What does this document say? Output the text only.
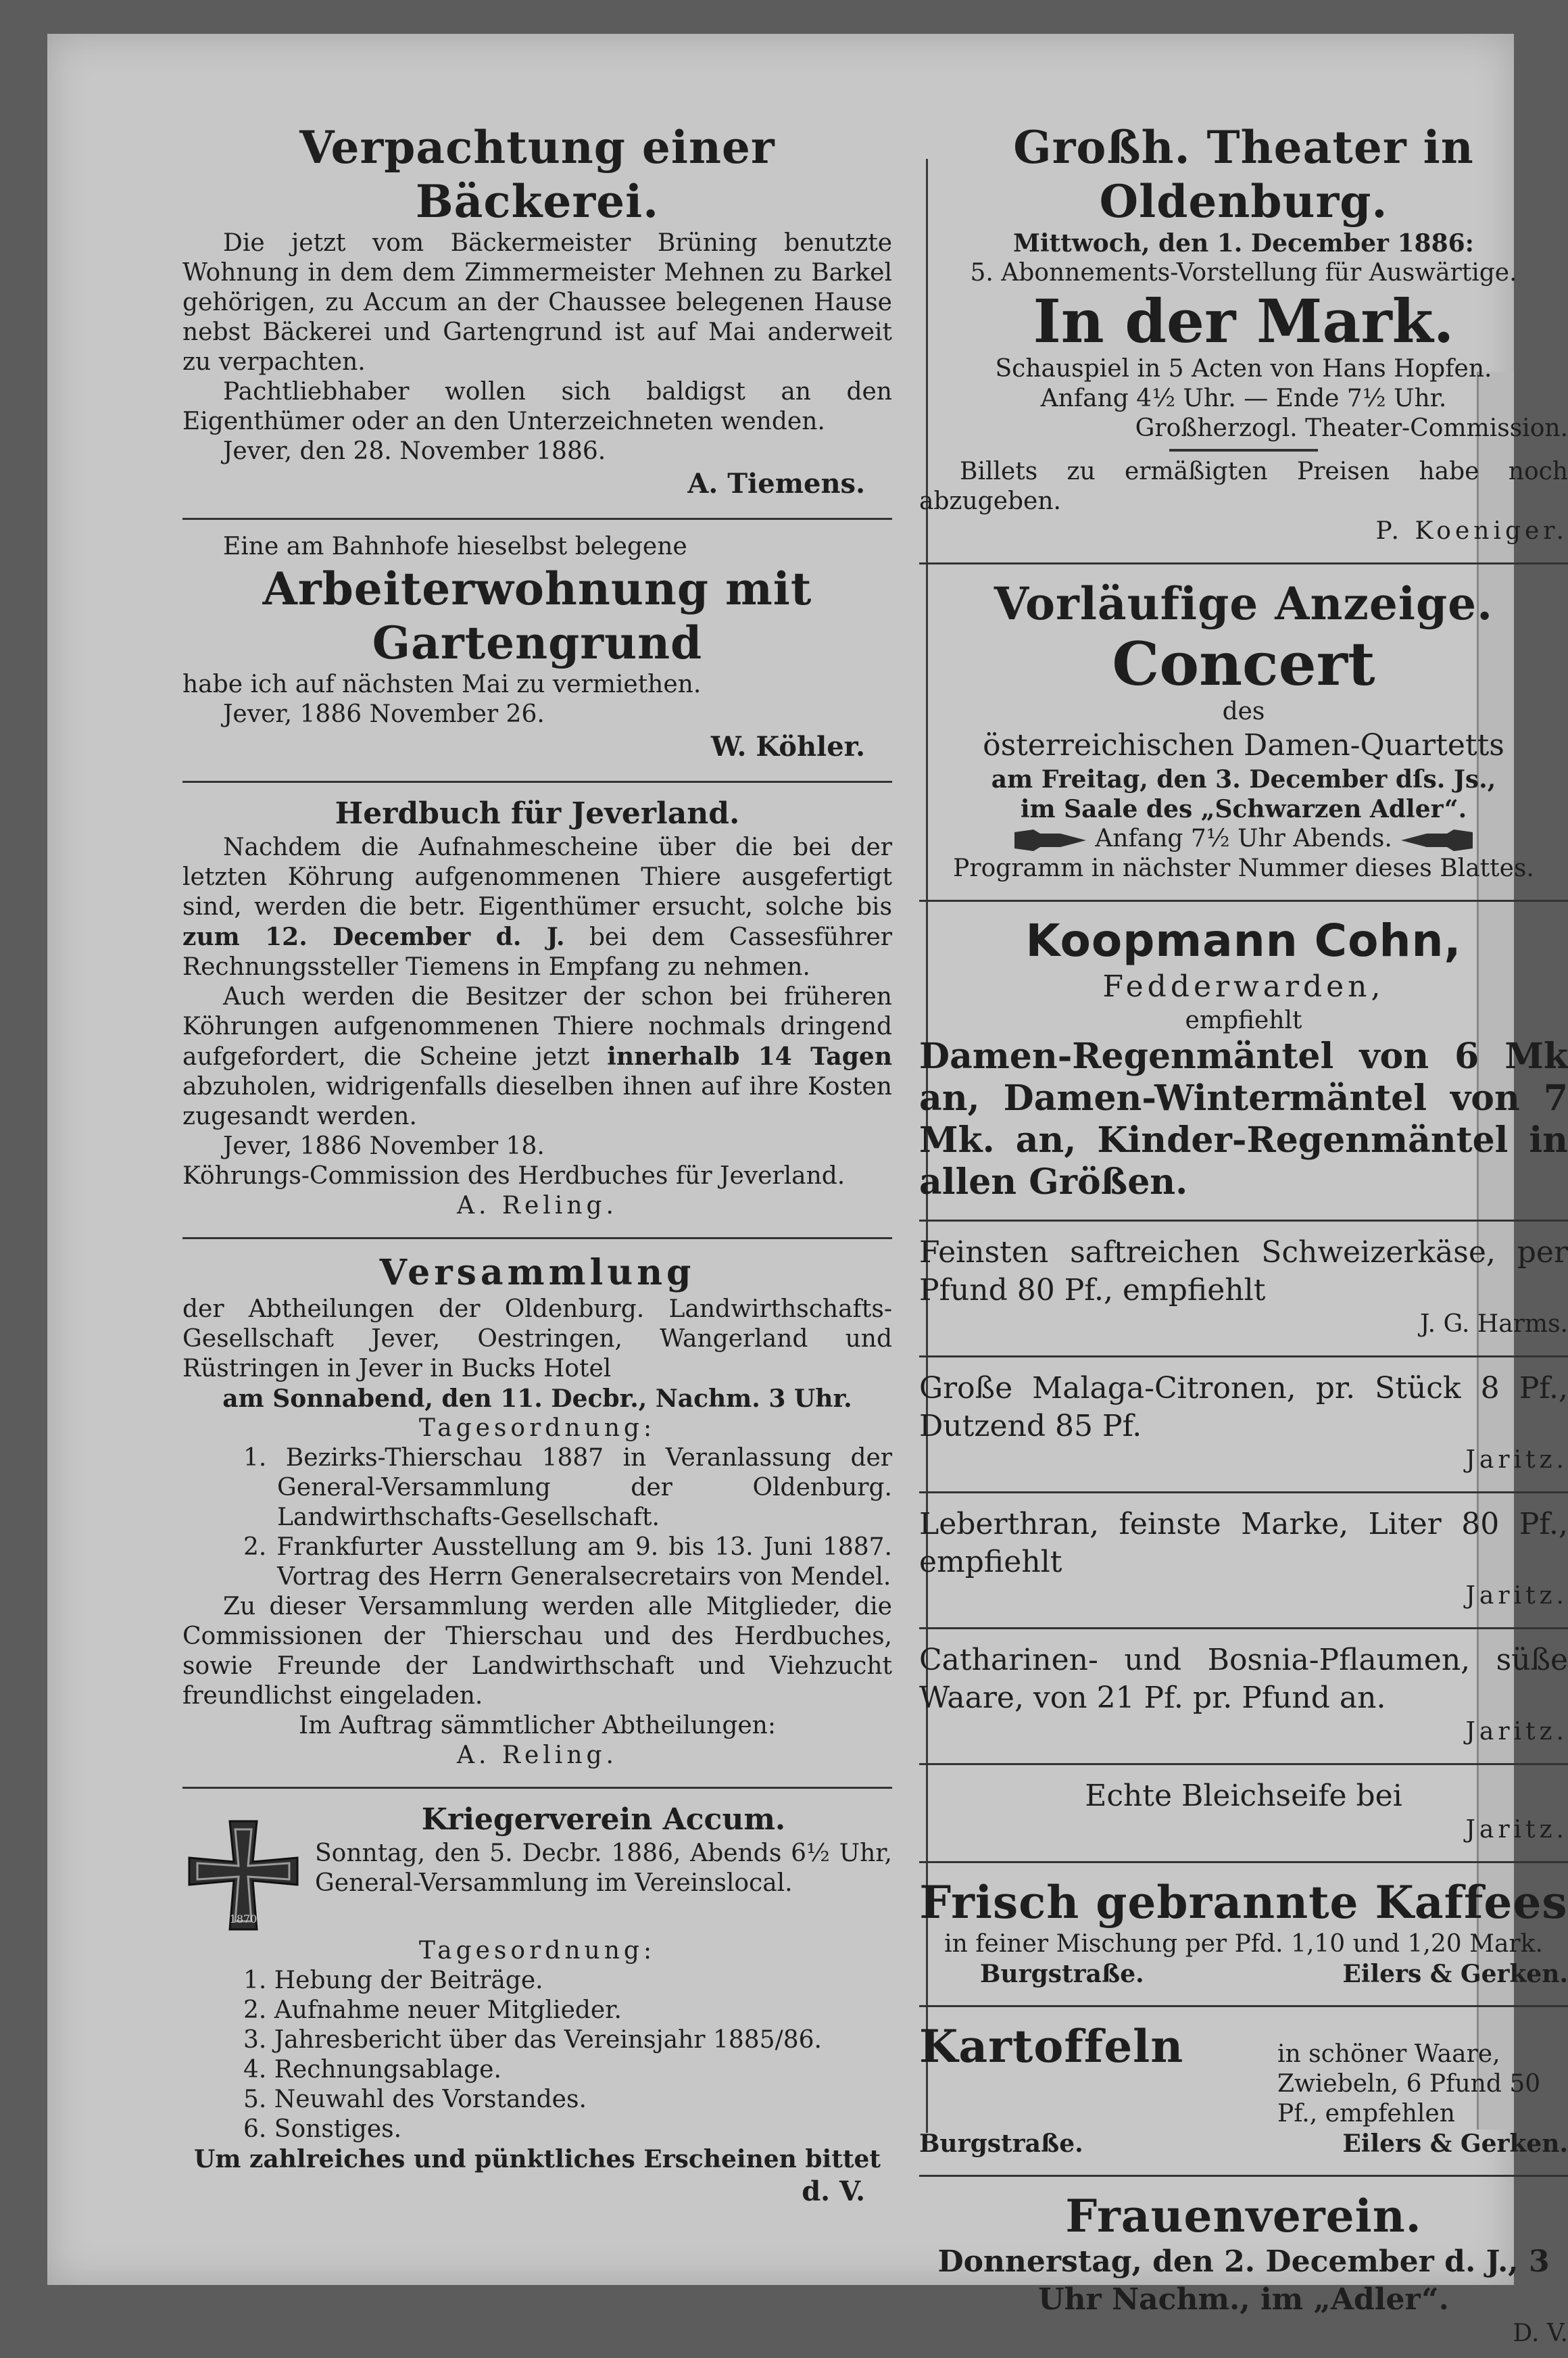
Verpachtung einer Bäckerei.
Die jetzt vom Bäckermeister Brüning benutzte Wohnung in dem dem Zimmermeister Mehnen zu Barkel gehörigen, zu Accum an der Chaussee belegenen Hause nebst Bäckerei und Gartengrund ist auf Mai anderweit zu verpachten.
Pachtliebhaber wollen sich baldigst an den Eigenthümer oder an den Unterzeichneten wenden.
Jever, den 28. November 1886.
A. Tiemens.
Eine am Bahnhofe hieselbst belegene
Arbeiterwohnung mit
Gartengrund
habe ich auf nächsten Mai zu vermiethen.
Jever, 1886 November 26.
W. Köhler.
Herdbuch für Jeverland.
Nachdem die Aufnahmescheine über die bei der letzten Köhrung aufgenommenen Thiere ausgefertigt sind, werden die betr. Eigenthümer ersucht, solche bis zum 12. December d. J. bei dem Cassesführer Rechnungssteller Tiemens in Empfang zu nehmen.
Auch werden die Besitzer der schon bei früheren Köhrungen aufgenommenen Thiere nochmals dringend aufgefordert, die Scheine jetzt innerhalb 14 Tagen abzuholen, widrigenfalls dieselben ihnen auf ihre Kosten zugesandt werden.
Jever, 1886 November 18.
Köhrungs-Commission des Herdbuches für Jeverland.
A. Reling.
Versammlung
der Abtheilungen der Oldenburg. Landwirthschafts-Gesellschaft Jever, Oestringen, Wangerland und Rüstringen in Jever in Bucks Hotel
am Sonnabend, den 11. Decbr., Nachm. 3 Uhr.
Tagesordnung:
1. Bezirks-Thierschau 1887 in Veranlassung der General-Versammlung der Oldenburg. Landwirthschafts-Gesellschaft.
2. Frankfurter Ausstellung am 9. bis 13. Juni 1887. Vortrag des Herrn Generalsecretairs von Mendel.
Zu dieser Versammlung werden alle Mitglieder, die Commissionen der Thierschau und des Herdbuches, sowie Freunde der Landwirthschaft und Viehzucht freundlichst eingeladen.
Im Auftrag sämmtlicher Abtheilungen:
A. Reling.
1870
Kriegerverein Accum.
Sonntag, den 5. Decbr. 1886, Abends 6½ Uhr, General-Versammlung im Vereinslocal.
Tagesordnung:
1. Hebung der Beiträge.
2. Aufnahme neuer Mitglieder.
3. Jahresbericht über das Vereinsjahr 1885/86.
4. Rechnungsablage.
5. Neuwahl des Vorstandes.
6. Sonstiges.
Um zahlreiches und pünktliches Erscheinen bittet
d. V.
Großh. Theater in Oldenburg.
Mittwoch, den 1. December 1886:
5. Abonnements-Vorstellung für Auswärtige.
In der Mark.
Schauspiel in 5 Acten von Hans Hopfen.
Anfang 4½ Uhr. — Ende 7½ Uhr.
Großherzogl. Theater-Commission.
Billets zu ermäßigten Preisen habe noch abzugeben.
P. Koeniger.
Vorläufige Anzeige.
Concert
des
österreichischen Damen-Quartetts
am Freitag, den 3. December dſs. Js.,
im Saale des „Schwarzen Adler“.
Anfang 7½ Uhr Abends.
Programm in nächster Nummer dieses Blattes.
Koopmann Cohn,
Fedderwarden,
empfiehlt
Damen-Regenmäntel von 6 Mk an, Damen-Wintermäntel von 7 Mk. an, Kinder-Regenmäntel in allen Größen.
Feinsten saftreichen Schweizerkäse, per Pfund 80 Pf., empfiehlt
J. G. Harms.
Große Malaga-Citronen, pr. Stück 8 Pf., Dutzend 85 Pf.
Jaritz.
Leberthran, feinste Marke, Liter 80 Pf., empfiehlt
Jaritz.
Catharinen- und Bosnia-Pflaumen, süße Waare, von 21 Pf. pr. Pfund an.
Jaritz.
Echte Bleichseife bei
Jaritz.
Frisch gebrannte Kaffees
in feiner Mischung per Pfd. 1,10 und 1,20 Mark.
Burgstraße.	Eilers & Gerken.
Kartoffeln	in schöner Waare, Zwiebeln, 6 Pfund 50 Pf., empfehlen
Burgstraße.	Eilers & Gerken.
Frauenverein.
Donnerstag, den 2. December d. J., 3 Uhr Nachm., im „Adler“.
D. V.
